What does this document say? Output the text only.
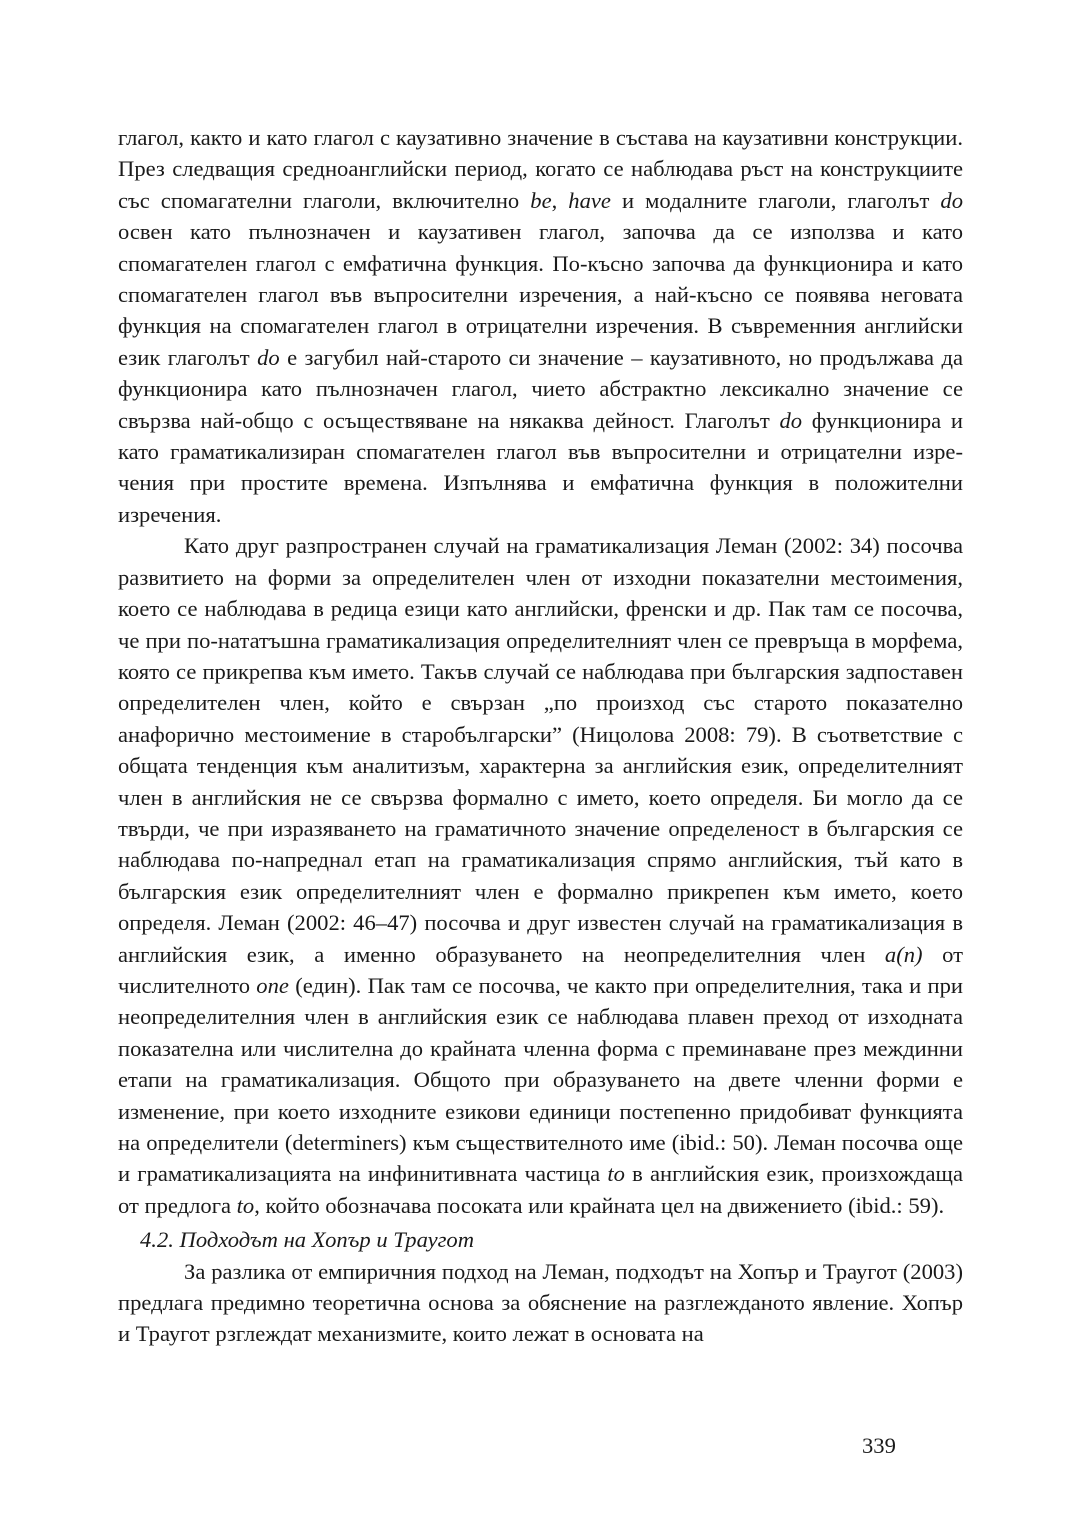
глагол, както и като глагол с каузативно значение в състава на каузативни конструкции. През следващия средноанглийски период, когато се наблюдава ръст на конструкциите със спомагателни глаголи, включително be, have и модалните глаголи, глаголът do освен като пълнозначен и каузативен глагол, започва да се използва и като спомагателен глагол с емфатична функция. По-късно започва да функционира и като спомагателен глагол във въпросителни изречения, а най-късно се появява неговата функция на спомагателен глагол в отрицателни изречения. В съвременния английски език глаголът do е загубил най-старото си значение – каузативното, но продължава да функционира като пълнозначен глагол, чието абстрактно лексикално значение се свързва най-общо с осъществяване на някаква дейност. Глаголът do функционира и като граматикализиран спомагателен глагол във въпросителни и отрицателни изречения при простите времена. Изпълнява и емфатична функция в положителни изречения.

Като друг разпространен случай на граматикализация Леман (2002: 34) посочва развитието на форми за определителен член от изходни показателни местоимения, което се наблюдава в редица езици като английски, френски и др. Пак там се посочва, че при по-нататъшна граматикализация определителният член се превръща в морфема, която се прикрепва към името. Такъв случай се наблюдава при българския задпоставен определителен член, който е свързан „по произход със старото показателно анафорично местоимение в старобългарски” (Ницолова 2008: 79). В съответствие с общата тенденция към аналитизъм, характерна за английския език, определителният член в английския не се свързва формално с името, което определя. Би могло да се твърди, че при изразяването на граматичното значение определеност в българския се наблюдава по-напреднал етап на граматикализация спрямо английския, тъй като в българския език определителният член е формално прикрепен към името, което определя. Леман (2002: 46–47) посочва и друг известен случай на граматикализация в английския език, а именно образуването на неопределителния член a(n) от числителното one (един). Пак там се посочва, че както при определителния, така и при неопределителния член в английския език се наблюдава плавен преход от изходната показателна или числителна до крайната членна форма с преминаване през междинни етапи на граматикализация. Общото при образуването на двете членни форми е изменение, при което изходните езикови единици постепенно придобиват функцията на определители (determiners) към съществителното име (ibid.: 50). Леман посочва още и граматикализацията на инфинитивната частица to в английския език, произхождаща от предлога to, който обозначава посоката или крайната цел на движението (ibid.: 59).

4.2. Подходът на Хопър и Траугот

За разлика от емпиричния подход на Леман, подходът на Хопър и Траугот (2003) предлага предимно теоретична основа за обяснение на разглежданото явление. Хопър и Траугот рзглеждат механизмите, които лежат в основата на

339
